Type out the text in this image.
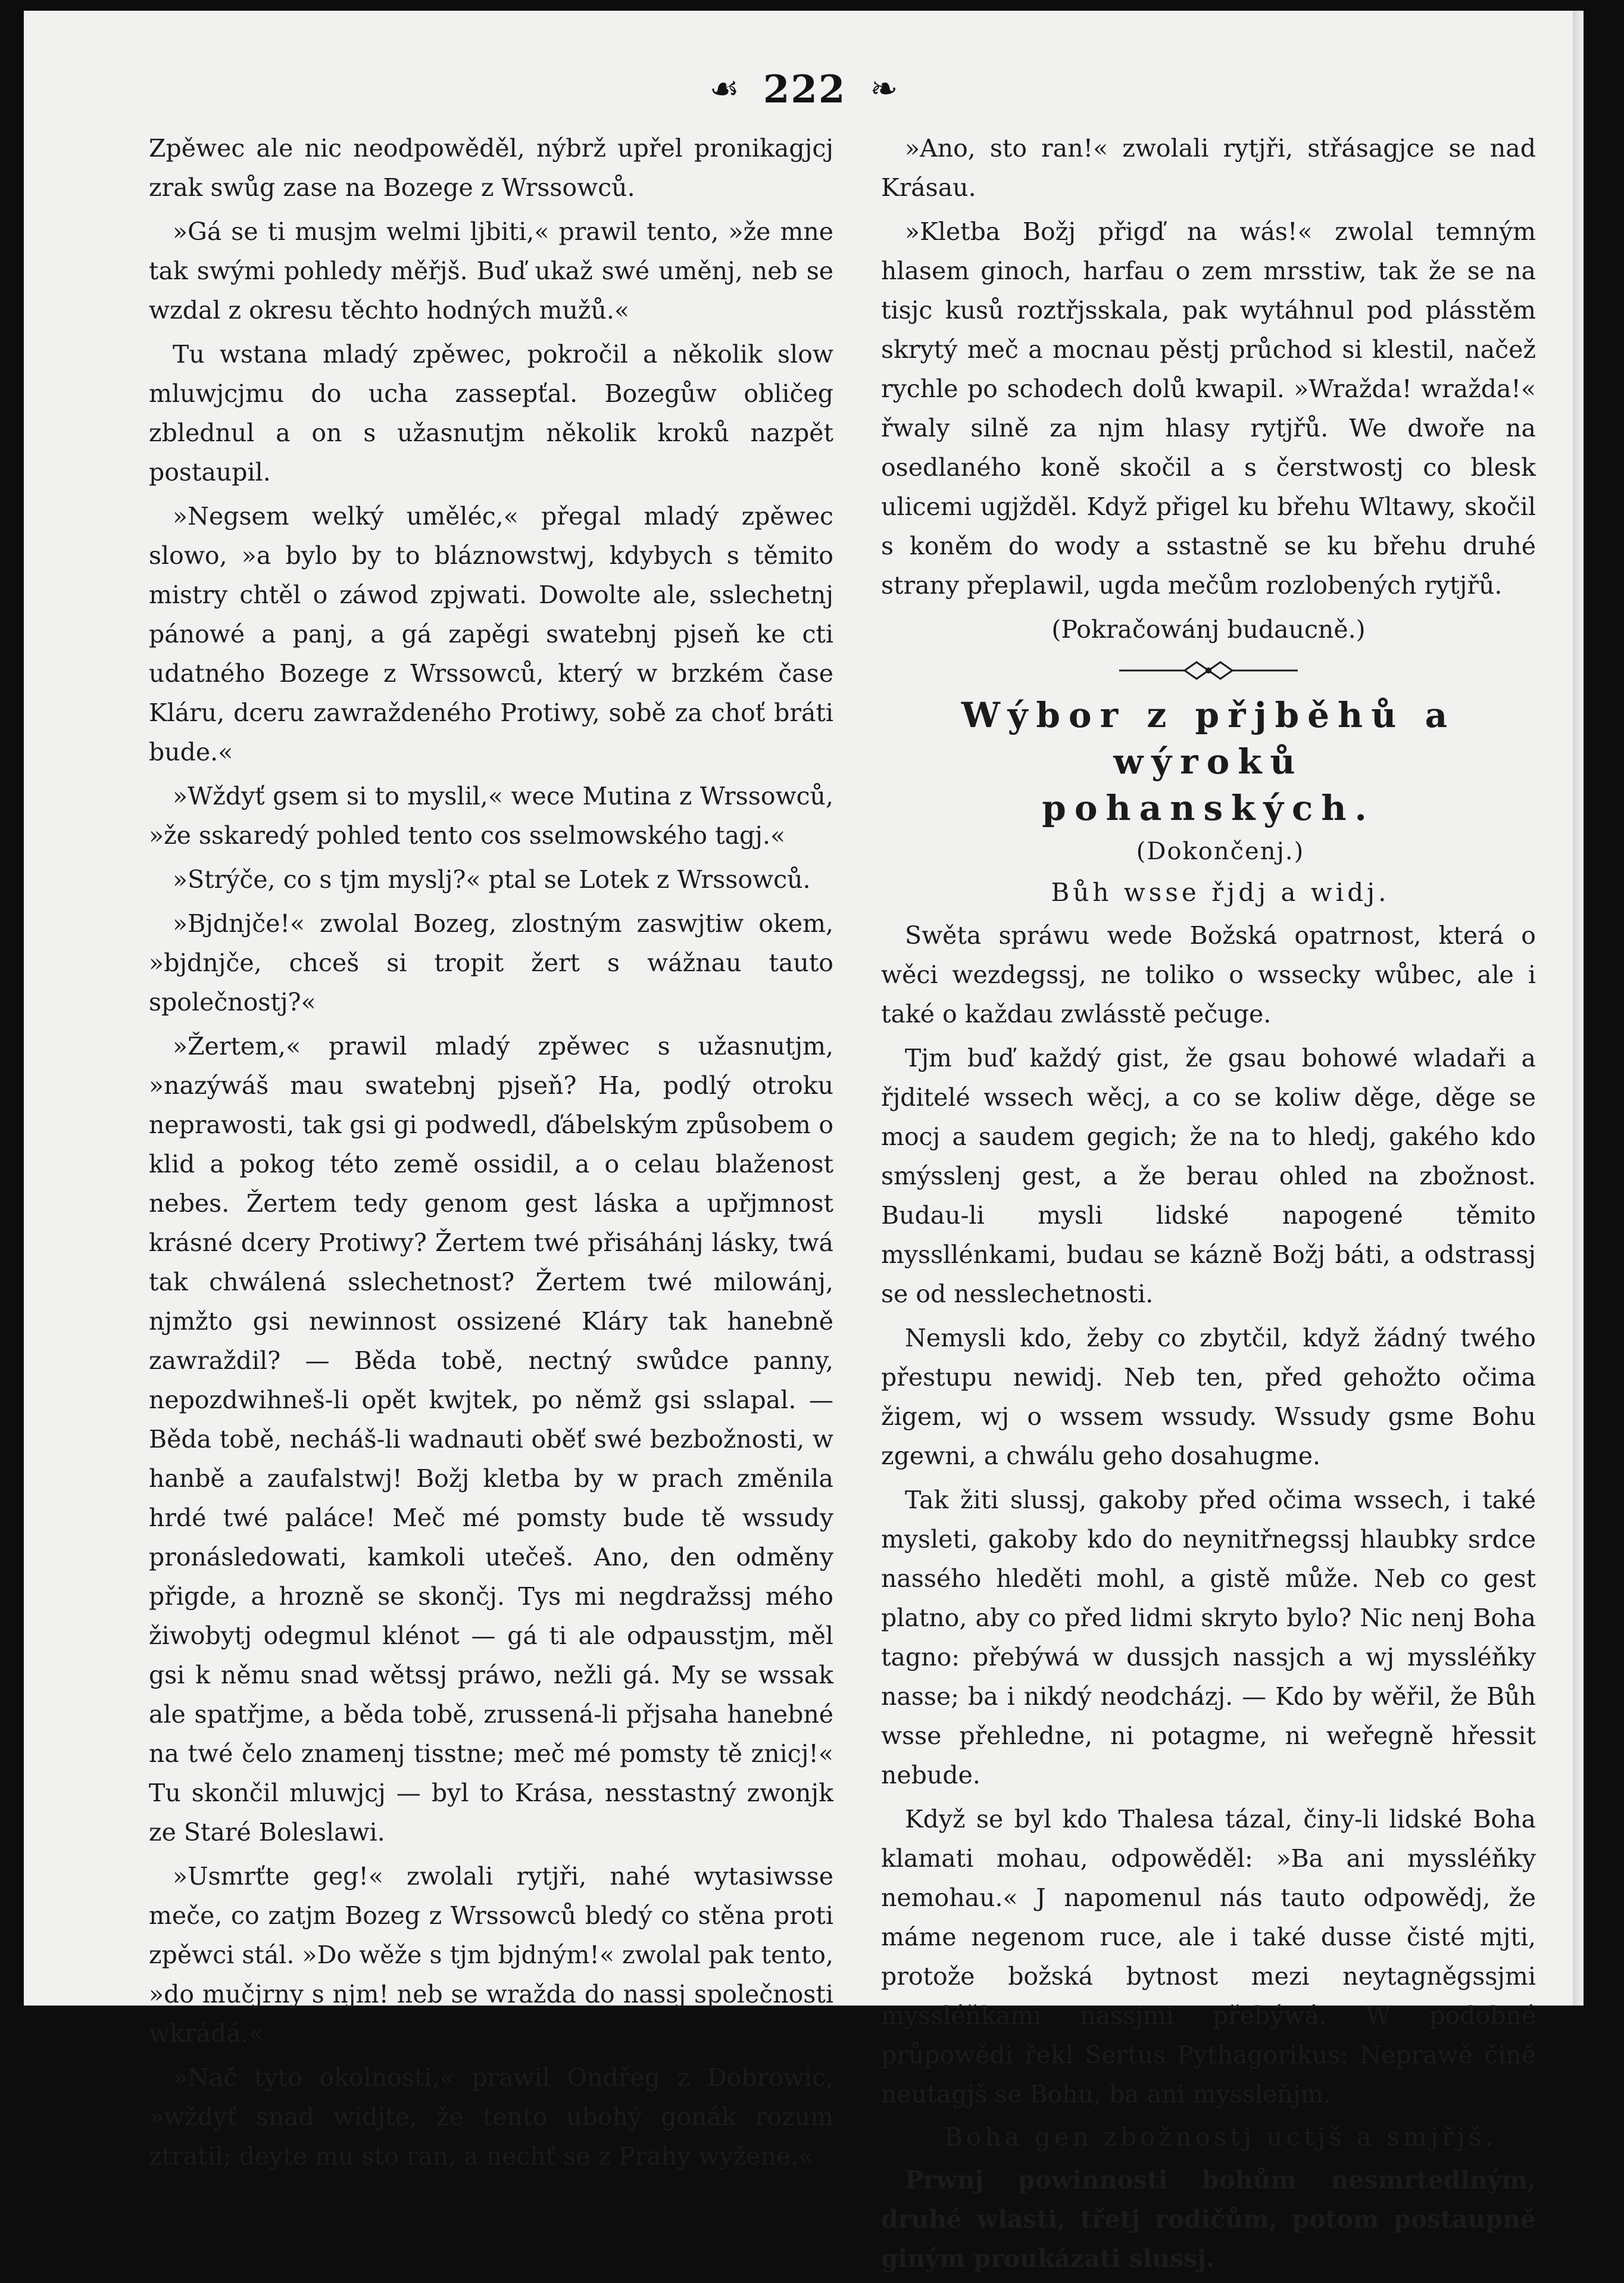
☙ 222 ❧

Zpěwec ale nic neodpowěděl, nýbrž upřel pronikagjcj zrak swůg zase na Bozege z Wrssowců.

»Gá se ti musjm welmi ljbiti,« prawil tento, »že mne tak swými pohledy měřjš. Buď ukaž swé uměnj, neb se wzdal z okresu těchto hodných mužů.«

Tu wstana mladý zpěwec, pokročil a několik slow mluwjcjmu do ucha zassepťal. Bozegůw obličeg zblednul a on s užasnutjm několik kroků nazpět postaupil.

»Negsem welký uměléc,« přegal mladý zpěwec slowo, »a bylo by to bláznowstwj, kdybych s těmito mistry chtěl o záwod zpjwati. Dowolte ale, sslechetnj pánowé a panj, a gá zapěgi swatebnj pjseň ke cti udatného Bozege z Wrssowců, který w brzkém čase Kláru, dceru zawraždeného Protiwy, sobě za choť bráti bude.«

»Wždyť gsem si to myslil,« wece Mutina z Wrssowců, »že sskaredý pohled tento cos sselmowského tagj.«

»Strýče, co s tjm myslj?« ptal se Lotek z Wrssowců.

»Bjdnjče!« zwolal Bozeg, zlostným zaswjtiw okem, »bjdnjče, chceš si tropit žert s wážnau tauto společnostj?«

»Žertem,« prawil mladý zpěwec s užasnutjm, »nazýwáš mau swatebnj pjseň? Ha, podlý otroku neprawosti, tak gsi gi podwedl, ďábelským způsobem o klid a pokog této země ossidil, a o celau blaženost nebes. Žertem tedy genom gest láska a upřjmnost krásné dcery Protiwy? Žertem twé přisáhánj lásky, twá tak chwálená sslechetnost? Žertem twé milowánj, njmžto gsi newinnost ossizené Kláry tak hanebně zawraždil? — Běda tobě, nectný swůdce panny, nepozdwihneš-li opět kwjtek, po němž gsi sslapal. — Běda tobě, necháš-li wadnauti oběť swé bezbožnosti, w hanbě a zaufalstwj! Božj kletba by w prach změnila hrdé twé paláce! Meč mé pomsty bude tě wssudy pronásledowati, kamkoli utečeš. Ano, den odměny přigde, a hrozně se skončj. Tys mi negdražssj mého žiwobytj odegmul klénot — gá ti ale odpausstjm, měl gsi k němu snad wětssj práwo, nežli gá. My se wssak ale spatřjme, a běda tobě, zrussená-li přjsaha hanebné na twé čelo znamenj tisstne; meč mé pomsty tě znicj!« Tu skončil mluwjcj — byl to Krása, nesstastný zwonjk ze Staré Boleslawi.

»Usmrťte geg!« zwolali rytjři, nahé wytasiwsse meče, co zatjm Bozeg z Wrssowců bledý co stěna proti zpěwci stál. »Do wěže s tjm bjdným!« zwolal pak tento, »do mučjrny s njm! neb se wražda do nassj společnosti wkrádá.«

»Nač tyto okolnosti,« prawil Ondřeg z Dobrowic, »wždyť snad widjte, že tento ubohý gonák rozum ztratil; deyte mu sto ran, a nechť se z Prahy wyžene.«

»Ano, sto ran!« zwolali rytjři, střásagjce se nad Krásau.

»Kletba Božj přigď na wás!« zwolal temným hlasem ginoch, harfau o zem mrsstiw, tak že se na tisjc kusů roztřjsskala, pak wytáhnul pod plásstěm skrytý meč a mocnau pěstj průchod si klestil, načež rychle po schodech dolů kwapil. »Wražda! wražda!« řwaly silně za njm hlasy rytjřů. We dwoře na osedlaného koně skočil a s čerstwostj co blesk ulicemi ugjžděl. Když přigel ku břehu Wltawy, skočil s koněm do wody a sstastně se ku břehu druhé strany přeplawil, ugda mečům rozlobených rytjřů.

(Pokračowánj budaucně.)

Wýbor z přjběhů a wýroků
pohanských.

(Dokončenj.)

Bůh wsse řjdj a widj.

Swěta spráwu wede Božská opatrnost, která o wěci wezdegssj, ne toliko o wssecky wůbec, ale i také o každau zwlásstě pečuge.

Tjm buď každý gist, že gsau bohowé wladaři a řjditelé wssech wěcj, a co se koliw děge, děge se mocj a saudem gegich; že na to hledj, gakého kdo smýsslenj gest, a že berau ohled na zbožnost. Budau-li mysli lidské napogené těmito myssllénkami, budau se kázně Božj báti, a odstrassj se od nesslechetnosti.

Nemysli kdo, žeby co zbytčil, když žádný twého přestupu newidj. Neb ten, před gehožto očima žigem, wj o wssem wssudy. Wssudy gsme Bohu zgewni, a chwálu geho dosahugme.

Tak žiti slussj, gakoby před očima wssech, i také mysleti, gakoby kdo do neynitřnegssj hlaubky srdce nassého hleděti mohl, a gistě může. Neb co gest platno, aby co před lidmi skryto bylo? Nic nenj Boha tagno: přebýwá w dussjch nassjch a wj myssléňky nasse; ba i nikdý neodcházj. — Kdo by wěřil, že Bůh wsse přehledne, ni potagme, ni weřegně hřessit nebude.

Když se byl kdo Thalesa tázal, činy-li lidské Boha klamati mohau, odpowěděl: »Ba ani myssléňky nemohau.« J napomenul nás tauto odpowědj, že máme negenom ruce, ale i také dusse čisté mjti, protože božská bytnost mezi neytagněgssjmi myssléňkami nassjmi přebýwá. W podobné průpowědi řekl Sertus Pythagorikus: Neprawě čině neutagjš se Bohu, ba ani myssleňjm.

Boha gen zbožnostj uctjš a smjřjš.

Prwnj powinnosti bohům nesmrtedlným, druhé wlasti, třetj rodičům, potom postaupně giným proukázati slussj.
